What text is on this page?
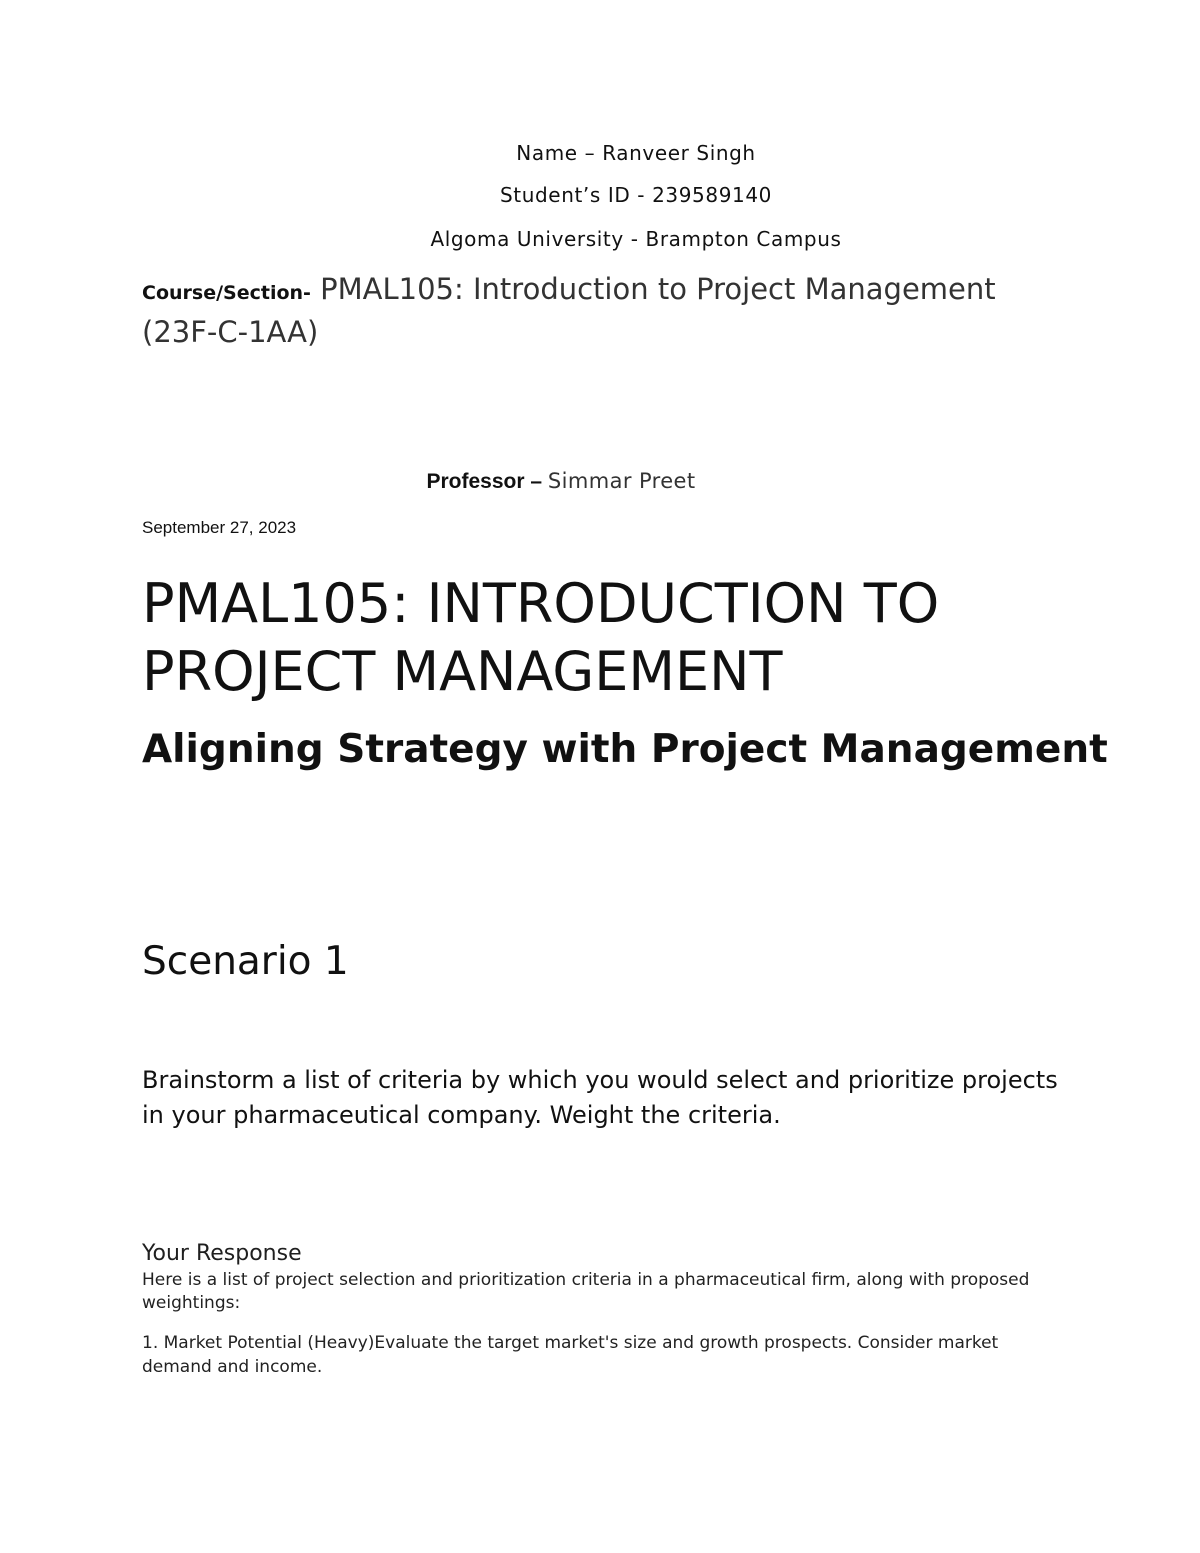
Name – Ranveer Singh
Student’s ID - 239589140
Algoma University - Brampton Campus
Course/Section- PMAL105: Introduction to Project Management (23F-C-1AA)
Professor – Simmar Preet
September 27, 2023
PMAL105: INTRODUCTION TO PROJECT MANAGEMENT
Aligning Strategy with Project Management
Scenario 1

Brainstorm a list of criteria by which you would select and prioritize projects in your pharmaceutical company. Weight the criteria.

Your Response

Here is a list of project selection and prioritization criteria in a pharmaceutical firm, along with proposed weightings:

1. Market Potential (Heavy)Evaluate the target market's size and growth prospects. Consider market demand and income.
